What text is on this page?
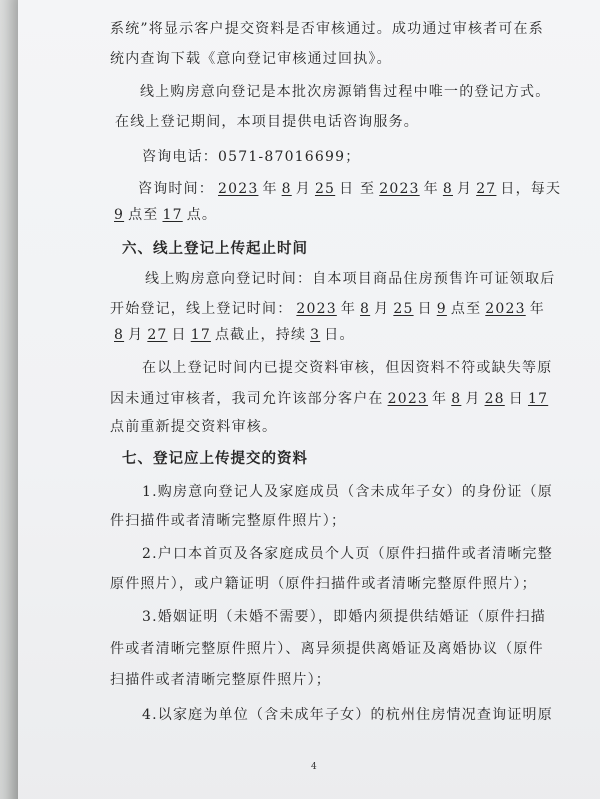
系统”将显示客户提交资料是否审核通过。成功通过审核者可在系
统内查询下载《意向登记审核通过回执》。
线上购房意向登记是本批次房源销售过程中唯一的登记方式。
在线上登记期间，本项目提供电话咨询服务。
咨询电话：0571-87016699；
咨询时间： 2023 年 8 月 25 日 至 2023 年 8 月 27 日，每天
9 点至 17 点。
六、线上登记上传起止时间
线上购房意向登记时间：自本项目商品住房预售许可证领取后
开始登记，线上登记时间： 2023 年 8 月 25 日 9 点至 2023 年
8 月 27 日 17 点截止，持续 3 日。
在以上登记时间内已提交资料审核，但因资料不符或缺失等原
因未通过审核者，我司允许该部分客户在 2023 年 8 月 28 日 17
点前重新提交资料审核。
七、登记应上传提交的资料
1.购房意向登记人及家庭成员（含未成年子女）的身份证（原
件扫描件或者清晰完整原件照片）；
2.户口本首页及各家庭成员个人页（原件扫描件或者清晰完整
原件照片），或户籍证明（原件扫描件或者清晰完整原件照片）；
3.婚姻证明（未婚不需要），即婚内须提供结婚证（原件扫描
件或者清晰完整原件照片）、离异须提供离婚证及离婚协议（原件
扫描件或者清晰完整原件照片）；
4.以家庭为单位（含未成年子女）的杭州住房情况查询证明原
4
